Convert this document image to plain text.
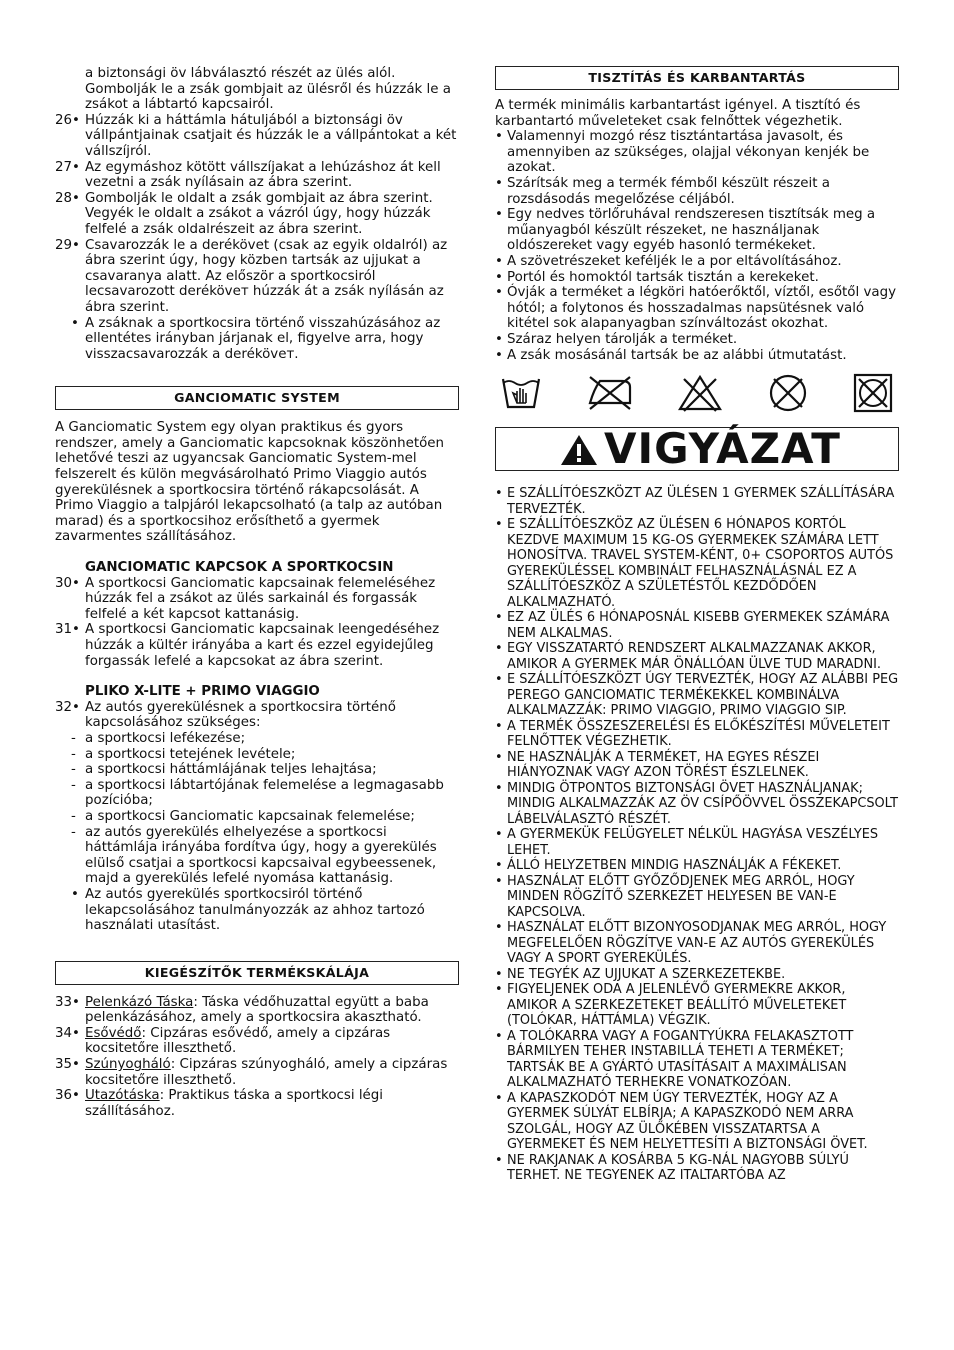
a biztonsági öv lábválasztó részét az ülés alól. Gombolják le a zsák gombjait az ülésről és húzzák le a zsákot a lábtartó kapcsairól.
26• Húzzák ki a háttámla hátuljából a biztonsági öv vállpántjainak csatjait és húzzák le a vállpántokat a két vállszíjról.
27• Az egymáshoz kötött vállszíjakat a lehúzáshoz át kell vezetni a zsák nyílásain az ábra szerint.
28• Gombolják le oldalt a zsák gombjait az ábra szerint. Vegyék le oldalt a zsákot a vázról úgy, hogy húzzák felfelé a zsák oldalrészeit az ábra szerint.
29• Csavarozzák le a derékövet (csak az egyik oldalról) az ábra szerint úgy, hogy közben tartsák az ujjukat a csavaranya alatt. Az először a sportkocsiról lecsavarozott deréköveт húzzák át a zsák nyílásán az ábra szerint.
• A zsáknak a sportkocsira történő visszahúzásához az ellentétes irányban járjanak el, figyelve arra, hogy visszacsavarozzák a deréköveт.
GANCIOMATIC SYSTEM
A Ganciomatic System egy olyan praktikus és gyors rendszer, amely a Ganciomatic kapcsoknak köszönhetően lehetővé teszi az ugyancsak Ganciomatic System-mel felszerelt és külön megvásárolható Primo Viaggio autós gyerekülésnek a sportkocsira történő rákapcsolását. A Primo Viaggio a talpjáról lekapcsolható (a talp az autóban marad) és a sportkocsihoz erősíthető a gyermek zavarmentes szállításához.
GANCIOMATIC KAPCSOK A SPORTKOCSIN
30• A sportkocsi Ganciomatic kapcsainak felemeléséhez húzzák fel a zsákot az ülés sarkainál és forgassák felfelé a két kapcsot kattanásig.
31• A sportkocsi Ganciomatic kapcsainak leengedéséhez húzzák a kültér irányába a kart és ezzel egyidejűleg forgassák lefelé a kapcsokat az ábra szerint.
PLIKO X-LITE + PRIMO VIAGGIO
32• Az autós gyerekülésnek a sportkocsira történő kapcsolásához szükséges:
- a sportkocsi lefékezése;
- a sportkocsi tetejének levétele;
- a sportkocsi háttámlájának teljes lehajtása;
- a sportkocsi lábtartójának felemelése a legmagasabb pozícióba;
- a sportkocsi Ganciomatic kapcsainak felemelése;
- az autós gyerekülés elhelyezése a sportkocsi háttámlája irányába fordítva úgy, hogy a gyerekülés elülső csatjai a sportkocsi kapcsaival egybeessenek, majd a gyerekülés lefelé nyomása kattanásig.
• Az autós gyerekülés sportkocsiról történő lekapcsolásához tanulmányozzák az ahhoz tartozó használati utasítást.
KIEGÉSZÍTŐK TERMÉKSKÁLÁJA
33• Pelenkázó Táska: Táska védőhuzattal együtt a baba pelenkázásához, amely a sportkocsira akasztható.
34• Esővédő: Cipzáras esővédő, amely a cipzáras kocsitetőre illeszthető.
35• Szúnyogháló: Cipzáras szúnyogháló, amely a cipzáras kocsitetőre illeszthető.
36• Utazótáska: Praktikus táska a sportkocsi légi szállításához.
TISZTÍTÁS ÉS KARBANTARTÁS
A termék minimális karbantartást igényel. A tisztító és karbantartó műveleteket csak felnőttek végezhetik.
• Valamennyi mozgó rész tisztántartása javasolt, és amennyiben az szükséges, olajjal vékonyan kenjék be azokat.
• Szárítsák meg a termék fémből készült részeit a rozsdásodás megelőzése céljából.
• Egy nedves törlőruhával rendszeresen tisztítsák meg a műanyagból készült részeket, ne használjanak oldószereket vagy egyéb hasonló termékeket.
• A szövetrészeket keféljék le a por eltávolításához.
• Portól és homoktól tartsák tisztán a kerekeket.
• Óvják a terméket a légköri hatóerőktől, víztől, esőtől vagy hótól; a folytonos és hosszadalmas napsütésnek való kitétel sok alapanyagban színváltozást okozhat.
• Száraz helyen tárolják a terméket.
• A zsák mosásánál tartsák be az alábbi útmutatást.
VIGYÁZAT
• E SZÁLLÍTÓESZKÖZT AZ ÜLÉSEN 1 GYERMEK SZÁLLÍTÁSÁRA TERVEZTÉK.
• E SZÁLLÍTÓESZKÖZ AZ ÜLÉSEN 6 HÓNAPOS KORTÓL KEZDVE MAXIMUM 15 KG-OS GYERMEKEK SZÁMÁRA LETT HONOSÍTVA. TRAVEL SYSTEM-KÉNT, 0+ CSOPORTOS AUTÓS GYEREKÜLÉSSEL KOMBINÁLT FELHASZNÁLÁSNÁL EZ A SZÁLLÍTÓESZKÖZ A SZÜLETÉSTŐL KEZDŐDŐEN ALKALMAZHATÓ.
• EZ AZ ÜLÉS 6 HÓNAPOSNÁL KISEBB GYERMEKEK SZÁMÁRA NEM ALKALMAS.
• EGY VISSZATARTÓ RENDSZERT ALKALMAZZANAK AKKOR, AMIKOR A GYERMEK MÁR ÖNÁLLÓAN ÜLVE TUD MARADNI.
• E SZÁLLÍTÓESZKÖZT ÚGY TERVEZTÉK, HOGY AZ ALÁBBI PEG PEREGO GANCIOMATIC TERMÉKEKKEL KOMBINÁLVA ALKALMAZZÁK: PRIMO VIAGGIO, PRIMO VIAGGIO SIP.
• A TERMÉK ÖSSZESZERELÉSI ÉS ELŐKÉSZÍTÉSI MŰVELETEIT FELNŐTTEK VÉGEZHETIK.
• NE HASZNÁLJÁK A TERMÉKET, HA EGYES RÉSZEI HIÁNYOZNAK VAGY AZON TÖRÉST ÉSZLELNEK.
• MINDIG ÖTPONTOS BIZTONSÁGI ÖVET HASZNÁLJANAK; MINDIG ALKALMAZZÁK AZ ÖV CSÍPŐÖVVEL ÖSSZEKAPCSOLT LÁBELVÁLASZTÓ RÉSZÉT.
• A GYERMEKÜK FELÜGYELET NÉLKÜL HAGYÁSA VESZÉLYES LEHET.
• ÁLLÓ HELYZETBEN MINDIG HASZNÁLJÁK A FÉKEKET.
• HASZNÁLAT ELŐTT GYŐZŐDJENEK MEG ARRÓL, HOGY MINDEN RÖGZÍTŐ SZERKEZET HELYESEN BE VAN-E KAPCSOLVA.
• HASZNÁLAT ELŐTT BIZONYOSODJANAK MEG ARRÓL, HOGY MEGFELELŐEN RÖGZÍTVE VAN-E AZ AUTÓS GYEREKÜLÉS VAGY A SPORT GYEREKÜLÉS.
• NE TEGYÉK AZ UJJUKAT A SZERKEZETEKBE.
• FIGYELJENEK ODA A JELENLÉVŐ GYERMEKRE AKKOR, AMIKOR A SZERKEZETEKET BEÁLLÍTÓ MŰVELETEKET (TOLÓKAR, HÁTTÁMLA) VÉGZIK.
• A TOLÓKARRA VAGY A FOGANTYÚKRA FELAKASZTOTT BÁRMILYEN TEHER INSTABILLÁ TEHETI A TERMÉKET; TARTSÁK BE A GYÁRTÓ UTASÍTÁSAIT A MAXIMÁLISAN ALKALMAZHATÓ TERHEKRE VONATKOZÓAN.
• A KAPASZKODÓT NEM ÚGY TERVEZTÉK, HOGY AZ A GYERMEK SÚLYÁT ELBÍRJA; A KAPASZKODÓ NEM ARRA SZOLGÁL, HOGY AZ ÜLŐKÉBEN VISSZATARTSA A GYERMEKET ÉS NEM HELYETTESÍTI A BIZTONSÁGI ÖVET.
• NE RAKJANAK A KOSÁRBA 5 KG-NÁL NAGYOBB SÚLYÚ TERHET. NE TEGYENEK AZ ITALTARTÓBA AZ
